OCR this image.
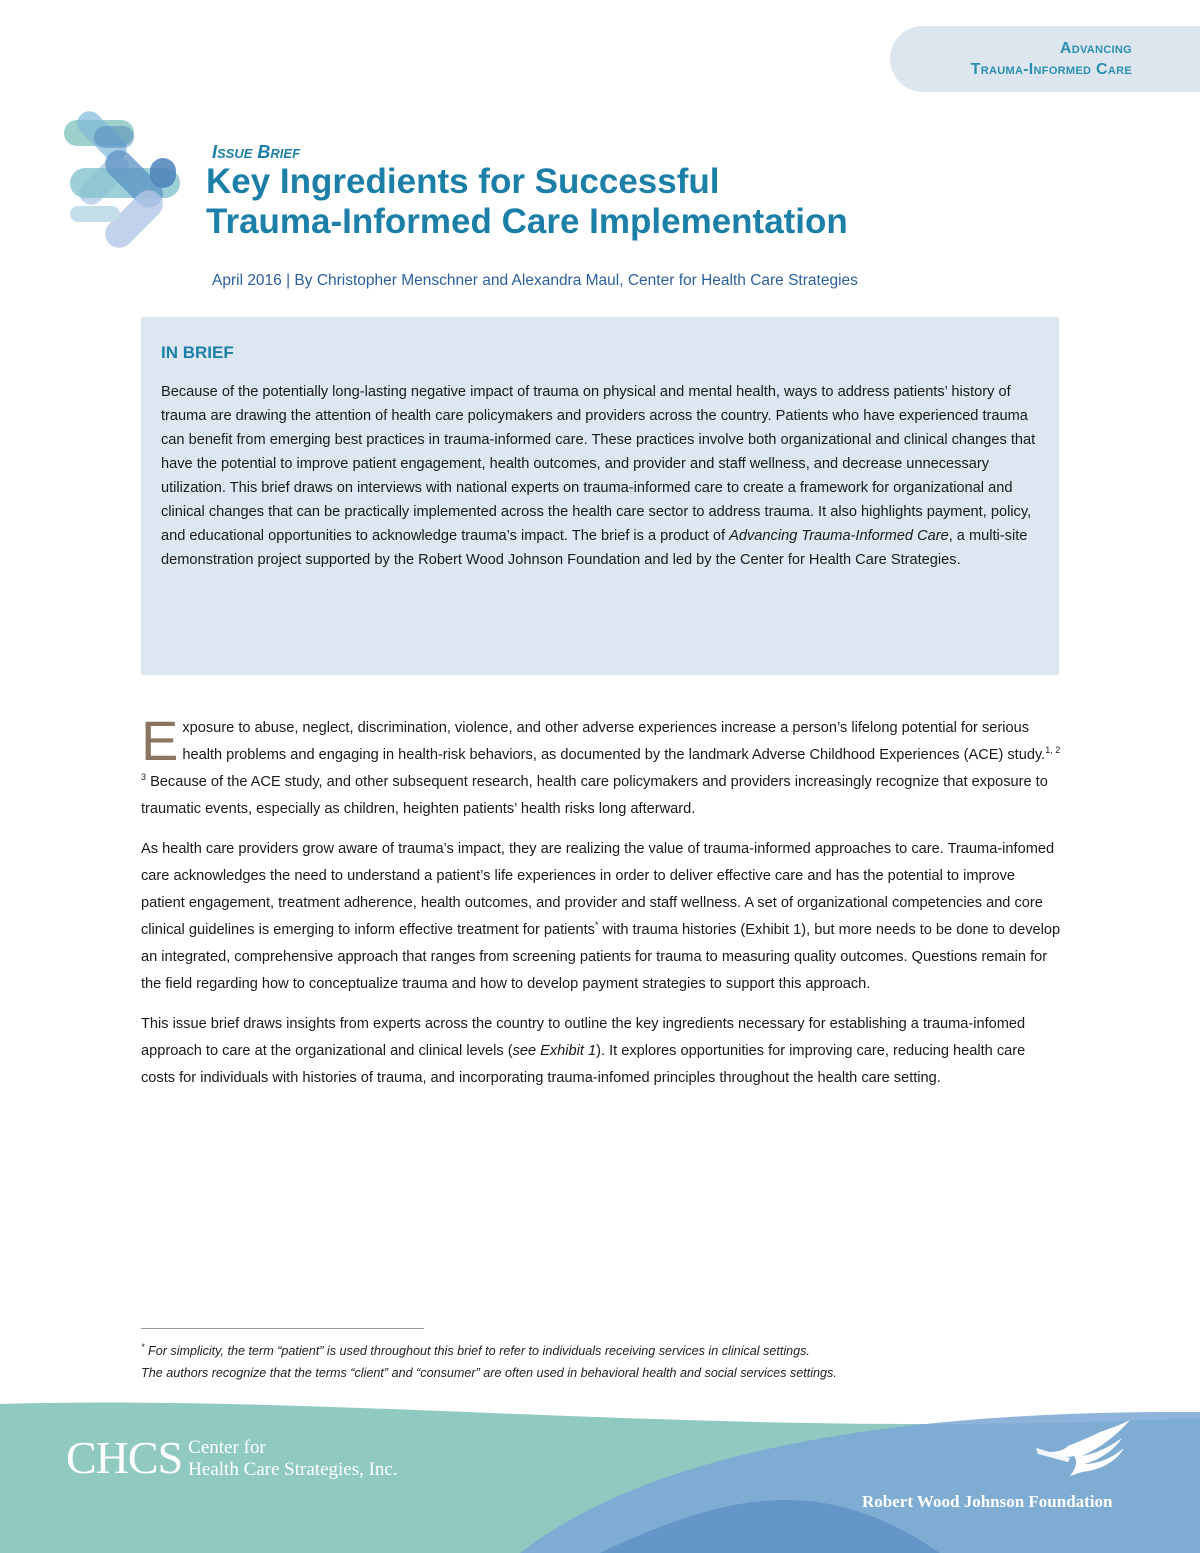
Advancing
Trauma-Informed Care
Issue Brief
Key Ingredients for Successful
Trauma-Informed Care Implementation
April 2016 | By Christopher Menschner and Alexandra Maul, Center for Health Care Strategies
IN BRIEF

Because of the potentially long-lasting negative impact of trauma on physical and mental health, ways to address patients’ history of trauma are drawing the attention of health care policymakers and providers across the country. Patients who have experienced trauma can benefit from emerging best practices in trauma-informed care. These practices involve both organizational and clinical changes that have the potential to improve patient engagement, health outcomes, and provider and staff wellness, and decrease unnecessary utilization. This brief draws on interviews with national experts on trauma-informed care to create a framework for organizational and clinical changes that can be practically implemented across the health care sector to address trauma. It also highlights payment, policy, and educational opportunities to acknowledge trauma’s impact. The brief is a product of Advancing Trauma-Informed Care, a multi-site demonstration project supported by the Robert Wood Johnson Foundation and led by the Center for Health Care Strategies.

Exposure to abuse, neglect, discrimination, violence, and other adverse experiences increase a person’s lifelong potential for serious health problems and engaging in health-risk behaviors, as documented by the landmark Adverse Childhood Experiences (ACE) study.$^{1, 2 3}$ Because of the ACE study, and other subsequent research, health care policymakers and providers increasingly recognize that exposure to traumatic events, especially as children, heighten patients’ health risks long afterward.

As health care providers grow aware of trauma’s impact, they are realizing the value of trauma-informed approaches to care. Trauma-infomed care acknowledges the need to understand a patient’s life experiences in order to deliver effective care and has the potential to improve patient engagement, treatment adherence, health outcomes, and provider and staff wellness. A set of organizational competencies and core clinical guidelines is emerging to inform effective treatment for patients* with trauma histories (Exhibit 1), but more needs to be done to develop an integrated, comprehensive approach that ranges from screening patients for trauma to measuring quality outcomes. Questions remain for the field regarding how to conceptualize trauma and how to develop payment strategies to support this approach.

This issue brief draws insights from experts across the country to outline the key ingredients necessary for establishing a trauma-infomed approach to care at the organizational and clinical levels (see Exhibit 1). It explores opportunities for improving care, reducing health care costs for individuals with histories of trauma, and incorporating trauma-infomed principles throughout the health care setting.

* For simplicity, the term “patient” is used throughout this brief to refer to individuals receiving services in clinical settings.

The authors recognize that the terms “client” and “consumer” are often used in behavioral health and social services settings.

CHCS Center for
Health Care Strategies, Inc.
Robert Wood Johnson Foundation
